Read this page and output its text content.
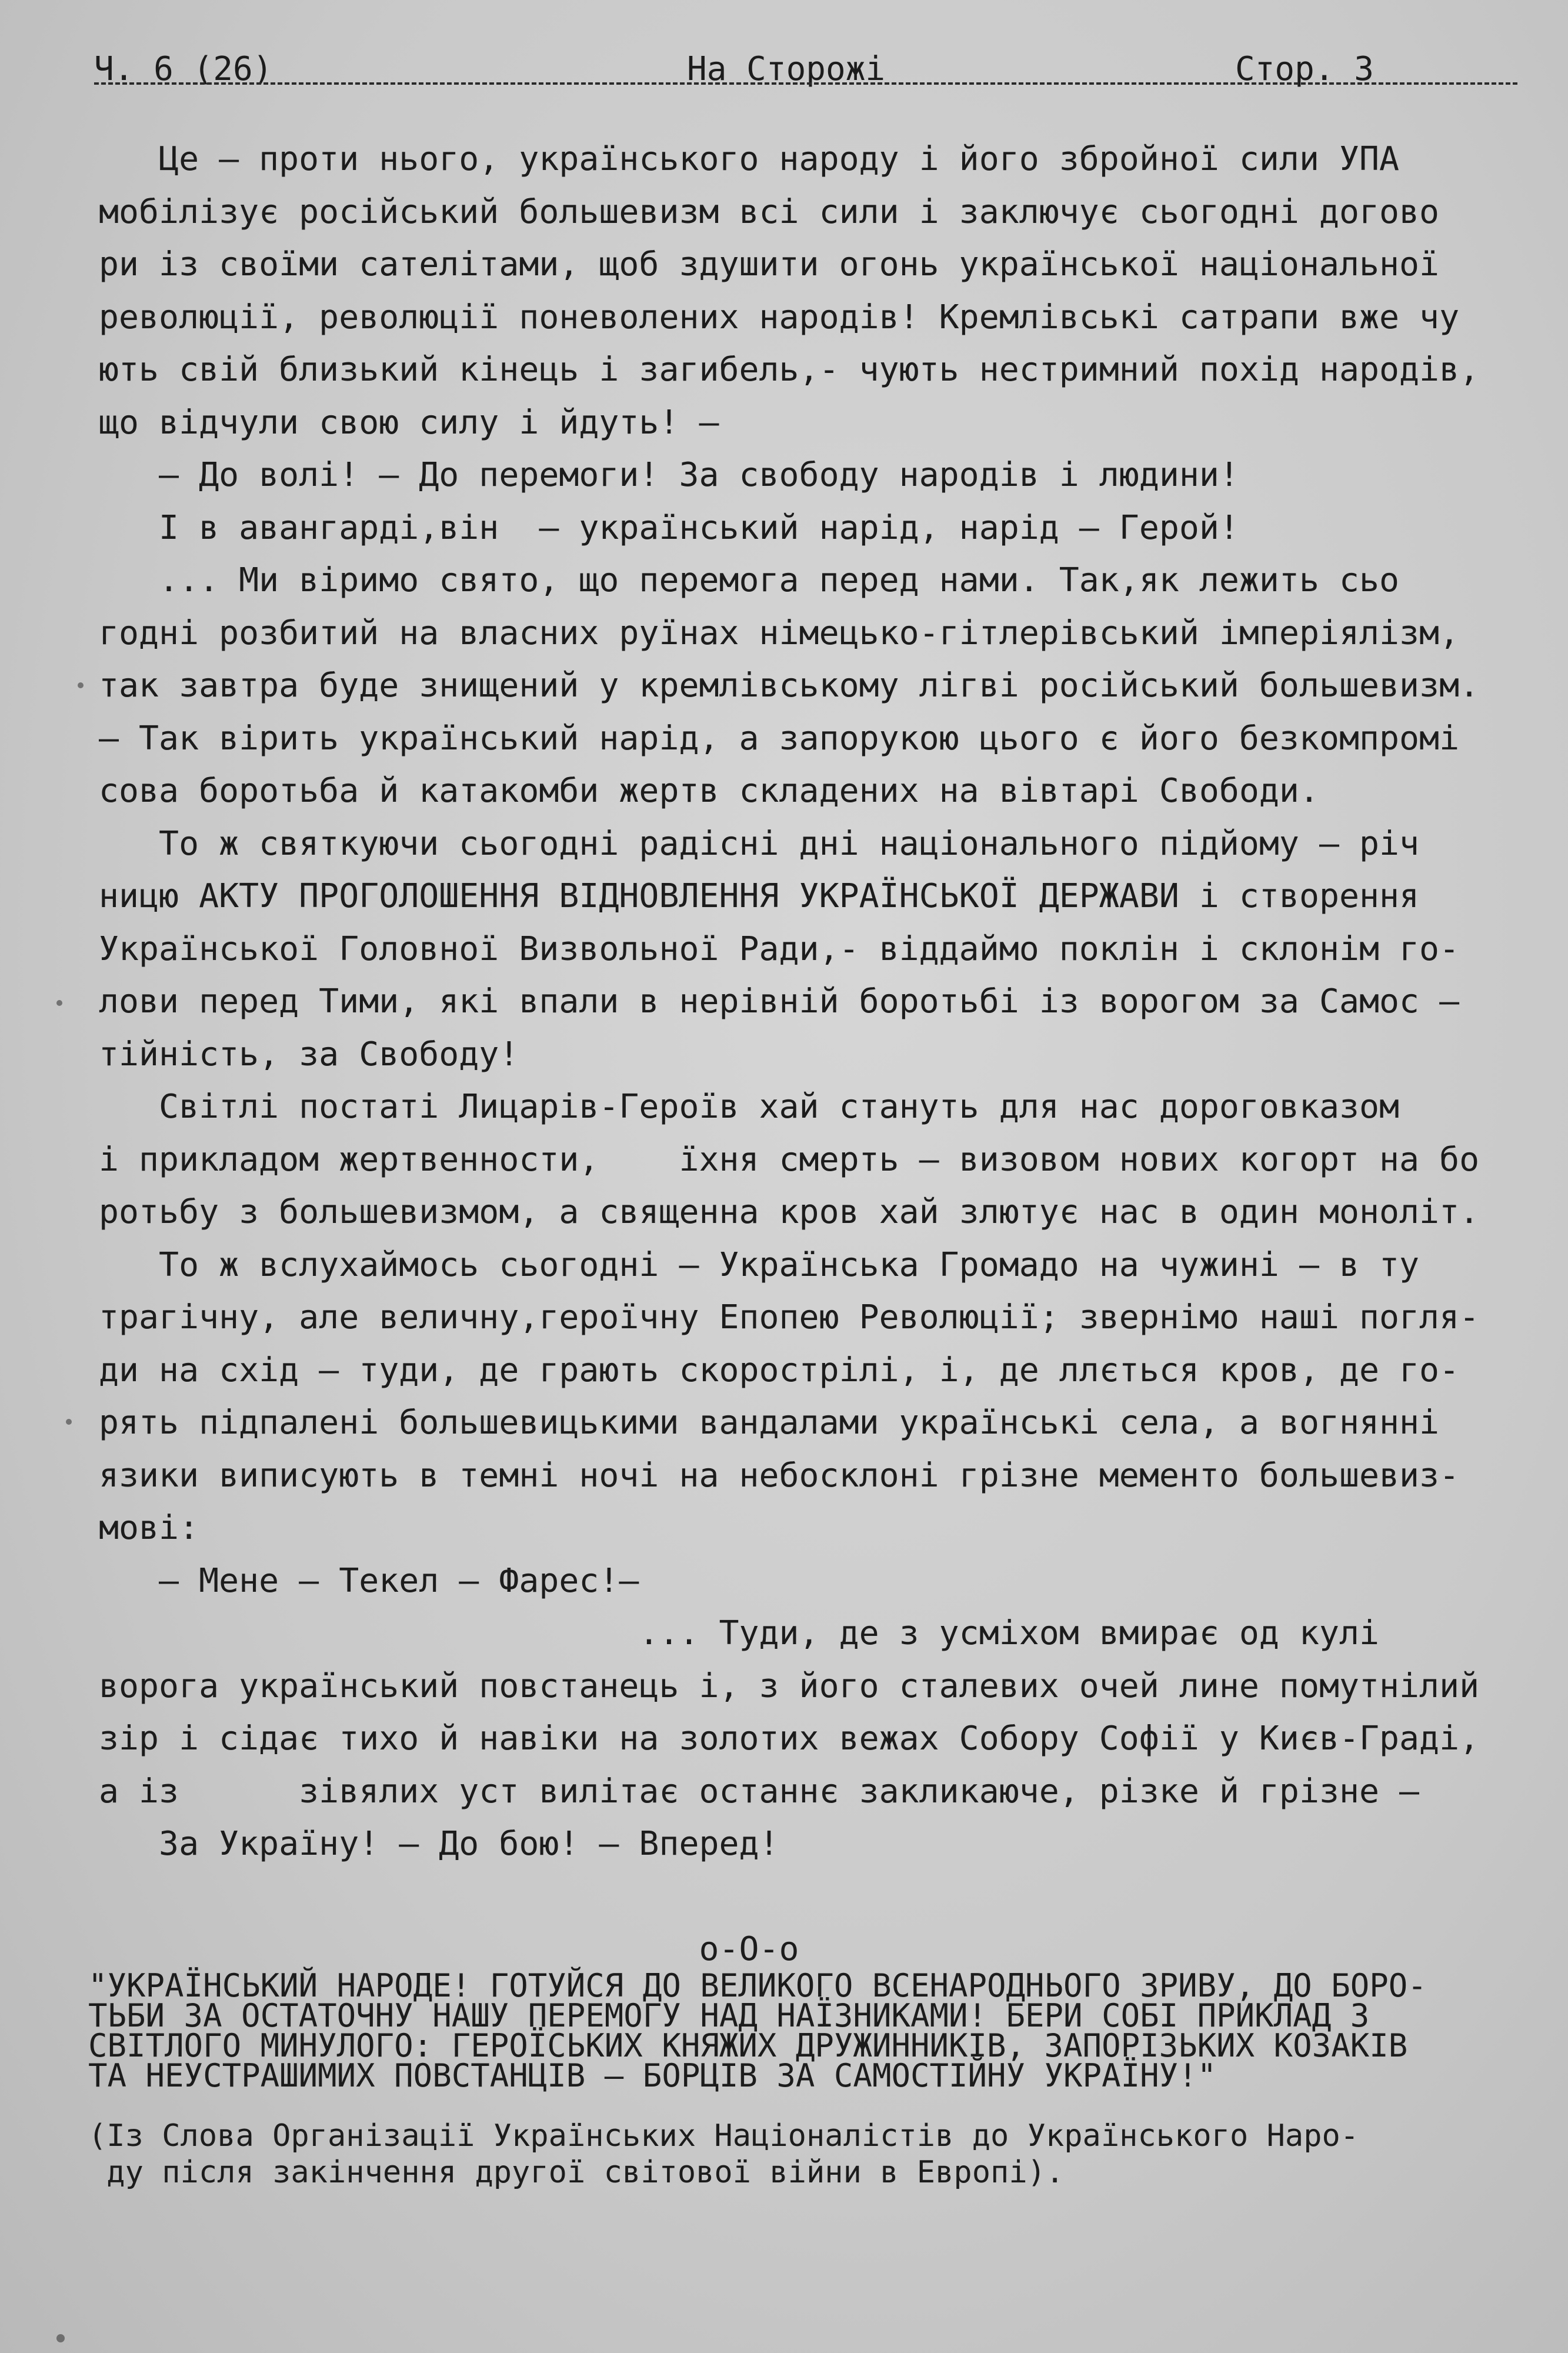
Ч. 6 (26)

	На Сторожі

	Стор. 3

Це – проти нього, українського народу і його збройної сили УПА
мобілізує російський большевизм всі сили і заключує сьогодні догово
ри із своїми сателітами, щоб здушити огонь української національної
революції, революції поневолених народів! Кремлівські сатрапи вже чу
ють свій близький кінець і загибель,- чують нестримний похід народів,
що відчули свою силу і йдуть! –
– До волі! – До перемоги! За свободу народів і людини!
І в авангарді,він  – український нарід, нарід – Герой!
... Ми віримо свято, що перемога перед нами. Так,як лежить сьо
годні розбитий на власних руїнах німецько-гітлерівський імперіялізм,
так завтра буде знищений у кремлівському лігві російський большевизм.
– Так вірить український нарід, а запорукою цього є його безкомпромі
сова боротьба й катакомби жертв складених на вівтарі Свободи.
То ж святкуючи сьогодні радісні дні національного підйому – річ
ницю АКТУ ПРОГОЛОШЕННЯ ВІДНОВЛЕННЯ УКРАЇНСЬКОЇ ДЕРЖАВИ і створення
Української Головної Визвольної Ради,- віддаймо поклін і склонім го-
лови перед Тими, які впали в нерівній боротьбі із ворогом за Самос –
тійність, за Свободу!
Світлі постаті Лицарів-Героїв хай стануть для нас дороговказом
і прикладом жертвенности,    їхня смерть – визовом нових когорт на бо
ротьбу з большевизмом, а священна кров хай злютує нас в один моноліт.
То ж вслухаймось сьогодні – Українська Громадо на чужині – в ту
трагічну, але величну,героїчну Епопею Революції; звернімо наші погля-
ди на схід – туди, де грають скорострілі, і, де ллється кров, де го-
рять підпалені большевицькими вандалами українські села, а вогнянні
язики виписують в темні ночі на небосклоні грізне мементо большевиз-
мові:
– Мене – Текел – Фарес!–
... Туди, де з усміхом вмирає од кулі
ворога український повстанець і, з його сталевих очей лине помутнілий
зір і сідає тихо й навіки на золотих вежах Собору Софії у Києв-Граді,
а із      зівялих уст вилітає останнє закликаюче, різке й грізне –
За Україну! – До бою! – Вперед!
о-О-о
"УКРАЇНСЬКИЙ НАРОДЕ! ГОТУЙСЯ ДО ВЕЛИКОГО ВСЕНАРОДНЬОГО ЗРИВУ, ДО БОРО-
ТЬБИ ЗА ОСТАТОЧНУ НАШУ ПЕРЕМОГУ НАД НАЇЗНИКАМИ! БЕРИ СОБІ ПРИКЛАД З
СВІТЛОГО МИНУЛОГО: ГЕРОЇСЬКИХ КНЯЖИХ ДРУЖИННИКІВ, ЗАПОРІЗЬКИХ КОЗАКІВ
ТА НЕУСТРАШИМИХ ПОВСТАНЦІВ – БОРЦІВ ЗА САМОСТІЙНУ УКРАЇНУ!"
(Із Слова Організації Українських Націоналістів до Українського Наро-
ду після закінчення другої світової війни в Европі).
